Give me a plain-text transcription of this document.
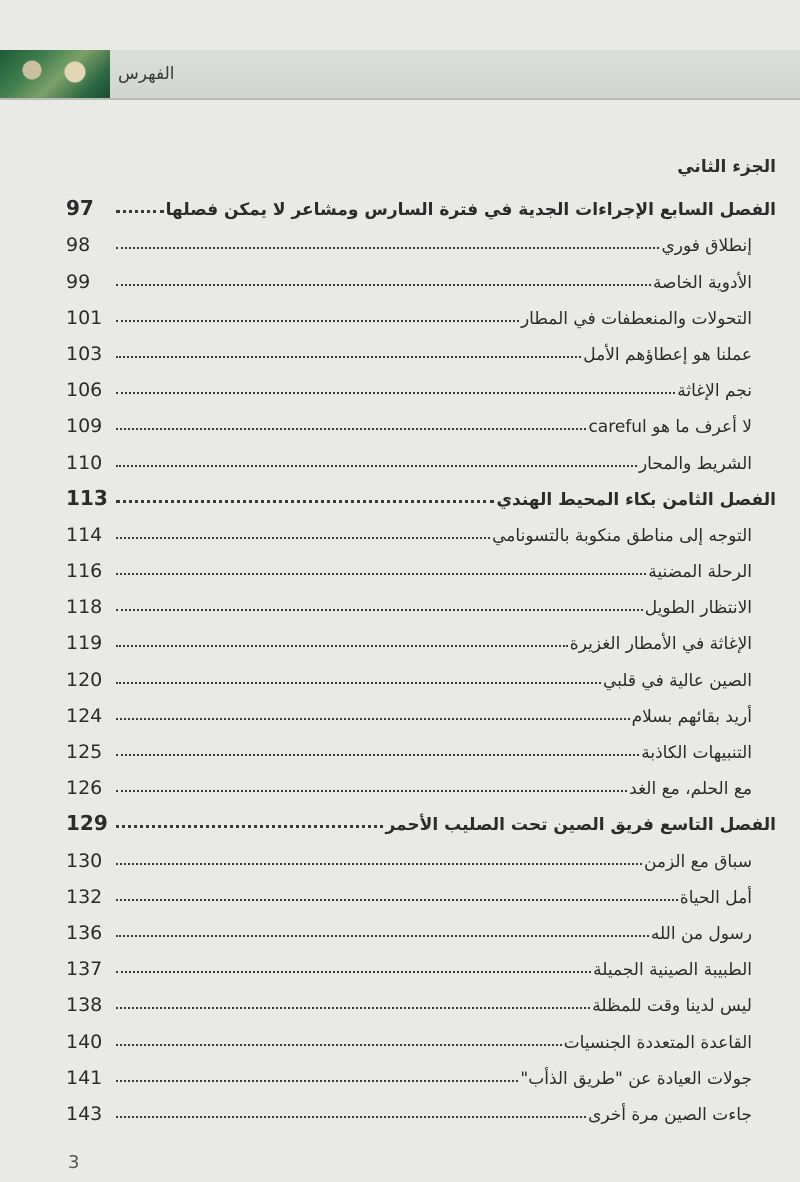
الفهرس
الجزء الثاني
الفصل السابع الإجراءات الجدية في فترة السارس ومشاعر لا يمكن فصلها
97
إنطلاق فوري
98
الأدوية الخاصة
99
التحولات والمنعطفات في المطار
101
عملنا هو إعطاؤهم الأمل
103
نجم الإغاثة
106
لا أعرف ما هو careful
109
الشريط والمحار
110
الفصل الثامن بكاء المحيط الهندي
113
التوجه إلى مناطق منكوبة بالتسونامي
114
الرحلة المضنية
116
الانتظار الطويل
118
الإغاثة في الأمطار الغزيرة
119
الصين عالية في قلبي
120
أريد بقائهم بسلام
124
التنبيهات الكاذبة
125
مع الحلم، مع الغد
126
الفصل التاسع فريق الصين تحت الصليب الأحمر
129
سباق مع الزمن
130
أمل الحياة
132
رسول من الله
136
الطبيبة الصينية الجميلة
137
ليس لدينا وقت للمظلة
138
القاعدة المتعددة الجنسيات
140
جولات العيادة عن "طريق الذأب"
141
جاءت الصين مرة أخرى
143
3
